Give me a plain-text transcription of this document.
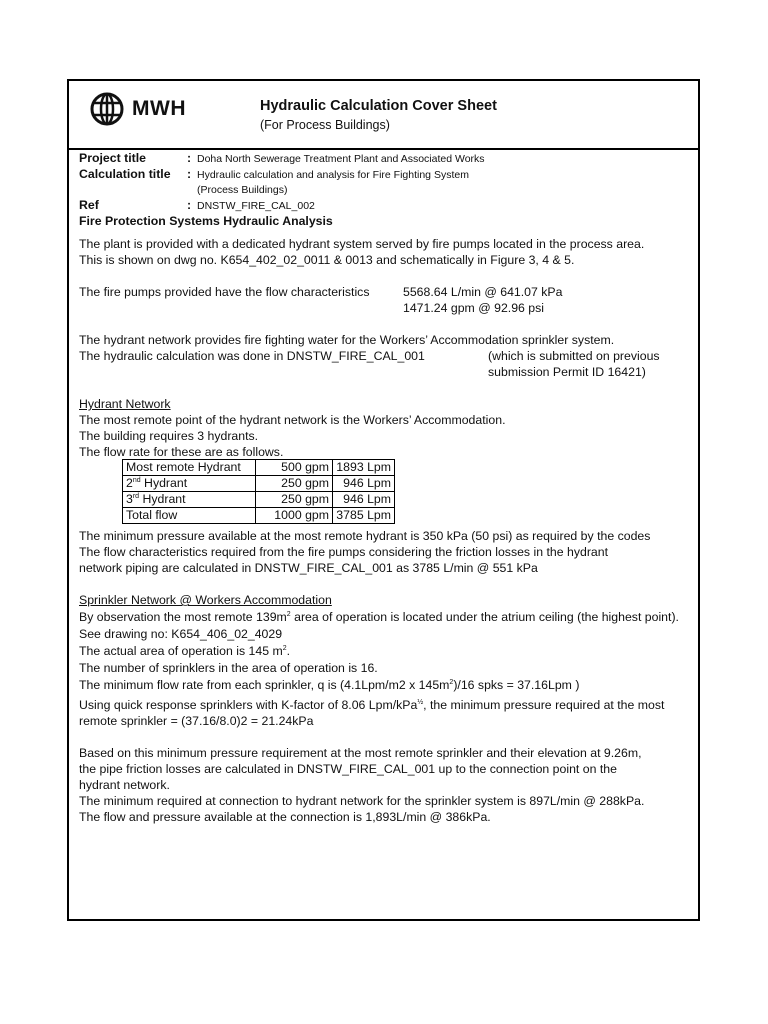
MWH	Hydraulic Calculation Cover Sheet
(For Process Buildings)
Project title	: Doha North Sewerage Treatment Plant and Associated Works
Calculation title : Hydraulic calculation and analysis for Fire Fighting System
(Process Buildings)
Ref	: DNSTW_FIRE_CAL_002
Fire Protection Systems Hydraulic Analysis
The plant is provided with a dedicated hydrant system served by fire pumps located in the process area.
This is shown on dwg no. K654_402_02_0011 & 0013 and schematically in Figure 3, 4 & 5.
The fire pumps provided have the flow characteristics	5568.64 L/min @ 641.07 kPa
1471.24 gpm @ 92.96 psi
The hydrant network provides fire fighting water for the Workers’ Accommodation sprinkler system.
The hydraulic calculation was done in DNSTW_FIRE_CAL_001	(which is submitted on previous
submission Permit ID 16421)
Hydrant Network
The most remote point of the hydrant network is the Workers’ Accommodation.
The building requires 3 hydrants.
The flow rate for these are as follows.
Most remote Hydrant	500 gpm	1893 Lpm
2nd Hydrant	250 gpm	946 Lpm
3rd Hydrant	250 gpm	946 Lpm
Total flow	1000 gpm	3785 Lpm
The minimum pressure available at the most remote hydrant is 350 kPa (50 psi) as required by the codes
The flow characteristics required from the fire pumps considering the friction losses in the hydrant
network piping are calculated in DNSTW_FIRE_CAL_001 as 3785 L/min @ 551 kPa
Sprinkler Network @ Workers Accommodation
By observation the most remote $139m^2$ area of operation is located under the atrium ceiling (the highest point).
See drawing no: K654_406_02_4029
The actual area of operation is 145 $m^2$.
The number of sprinklers in the area of operation is 16.
The minimum flow rate from each sprinkler, q is (4.1Lpm/m2 x $145m^2)/16$ spks = 37.16Lpm )
Using quick response sprinklers with K-factor of 8.06 Lpm/kPa$^{\frac{1}{2}}$, the minimum pressure required at the most
remote sprinkler = (37.16/8.0)2 = 21.24kPa
Based on this minimum pressure requirement at the most remote sprinkler and their elevation at 9.26m,
the pipe friction losses are calculated in DNSTW_FIRE_CAL_001 up to the connection point on the
hydrant network.
The minimum required at connection to hydrant network for the sprinkler system is 897L/min @ 288kPa.
The flow and pressure available at the connection is 1,893L/min @ 386kPa.
